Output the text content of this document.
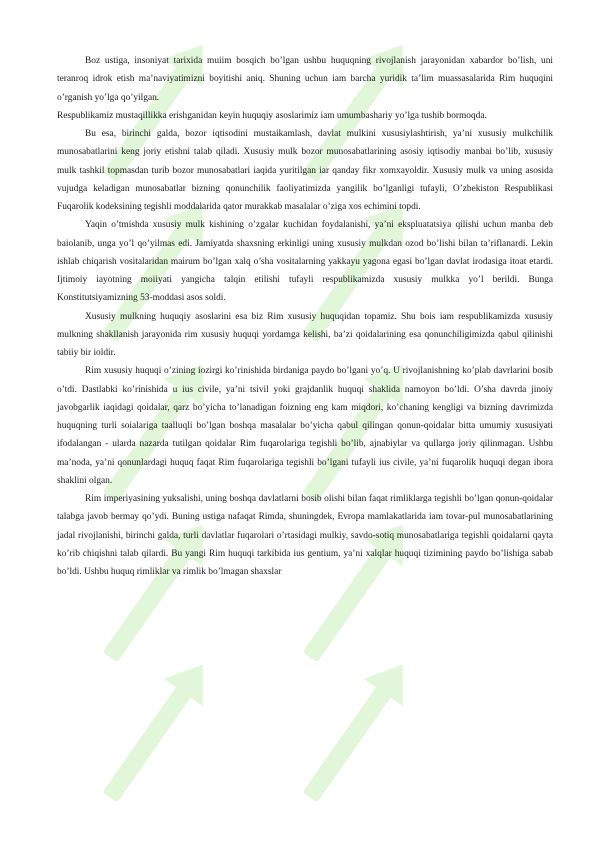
Boz ustiga, insoniyat tarixida muiim bosqich bo’lgan ushbu huquqning rivojlanish jarayonidan xabardor bo’lish, uni teranroq idrok etish ma’naviyatimizni boyitishi aniq. Shuning uchun iam barcha yuridik ta’lim muassasalarida Rim huquqini o’rganish yo’lga qo’yilgan.

Respublikamiz mustaqillikka erishganidan keyin huquqiy asoslarimiz iam umumbashariy yo’lga tushib bormoqda.

Bu esa, birinchi galda, bozor iqtisodini mustaikamlash, davlat mulkini xususiylashtirish, ya’ni xususiy mulkchilik munosabatlarini keng joriy etishni talab qiladi. Xususiy mulk bozor munosabatlarining asosiy iqtisodiy manbai bo’lib, xususiy mulk tashkil topmasdan turib bozor munosabatlari iaqida yuritilgan iar qanday fikr xomxayoldir. Xususiy mulk va uning asosida vujudga keladigan munosabatlar bizning qonunchilik faoliyatimizda yangilik bo’lganligi tufayli, O’zbekiston Respublikasi Fuqarolik kodeksining tegishli moddalarida qator murakkab masalalar o’ziga xos echimini topdi.

Yaqin o’tmishda xususiy mulk kishining o’zgalar kuchidan foydalanishi, ya’ni ekspluatatsiya qilishi uchun manba deb baiolanib, unga yo’l qo’yilmas edi. Jamiyatda shaxsning erkinligi uning xususiy mulkdan ozod bo’lishi bilan ta’riflanardi. Lekin ishlab chiqarish vositalaridan mairum bo’lgan xalq o’sha vositalarning yakkayu yagona egasi bo’lgan davlat irodasiga itoat etardi. Ijtimoiy iayotning moiiyati yangicha talqin etilishi tufayli respublikamizda xususiy mulkka yo’l berildi. Bunga Konstitutsiyamizning 53-moddasi asos soldi.

Xususiy mulkning huquqiy asoslarini esa biz Rim xususiy huquqidan topamiz. Shu bois iam respublikamizda xususiy mulkning shakllanish jarayonida rim xususiy huquqi yordamga kelishi, ba’zi qoidalarining esa qonunchiligimizda qabul qilinishi tabiiy bir ioldir.

Rim xususiy huquqi o’zining iozirgi ko’rinishida birdaniga paydo bo’lgani yo’q. U rivojlanishning ko’plab davrlarini bosib o’tdi. Dastlabki ko’rinishida u ius civile, ya’ni tsivil yoki grajdanlik huquqi shaklida namoyon bo’ldi. O’sha davrda jinoiy javobgarlik iaqidagi qoidalar, qarz bo’yicha to’lanadigan foizning eng kam miqdori, ko’chaning kengligi va bizning davrimizda huquqning turli soialariga taalluqli bo’lgan boshqa masalalar bo’yicha qabul qilingan qonun-qoidalar bitta umumiy xususiyati ifodalangan - ularda nazarda tutilgan qoidalar Rim fuqarolariga tegishli bo’lib, ajnabiylar va qullarga joriy qilinmagan. Ushbu ma’noda, ya’ni qonunlardagi huquq faqat Rim fuqarolariga tegishli bo’lgani tufayli ius civile, ya’ni fuqarolik huquqi degan ibora shaklini olgan.

Rim imperiyasining yuksalishi, uning boshqa davlatlarni bosib olishi bilan faqat rimliklarga tegishli bo’lgan qonun-qoidalar talabga javob bermay qo’ydi. Buning ustiga nafaqat Rimda, shuningdek, Evropa mamlakatlarida iam tovar-pul munosabatlarining jadal rivojlanishi, birinchi galda, turli davlatlar fuqarolari o’rtasidagi mulkiy, savdo-sotiq munosabatlariga tegishli qoidalarni qayta ko’rib chiqishni talab qilardi. Bu yangi Rim huquqi tarkibida ius gentium, ya’ni xalqlar huquqi tizimining paydo bo’lishiga sabab bo’ldi. Ushbu huquq rimliklar va rimlik bo’lmagan shaxslar
